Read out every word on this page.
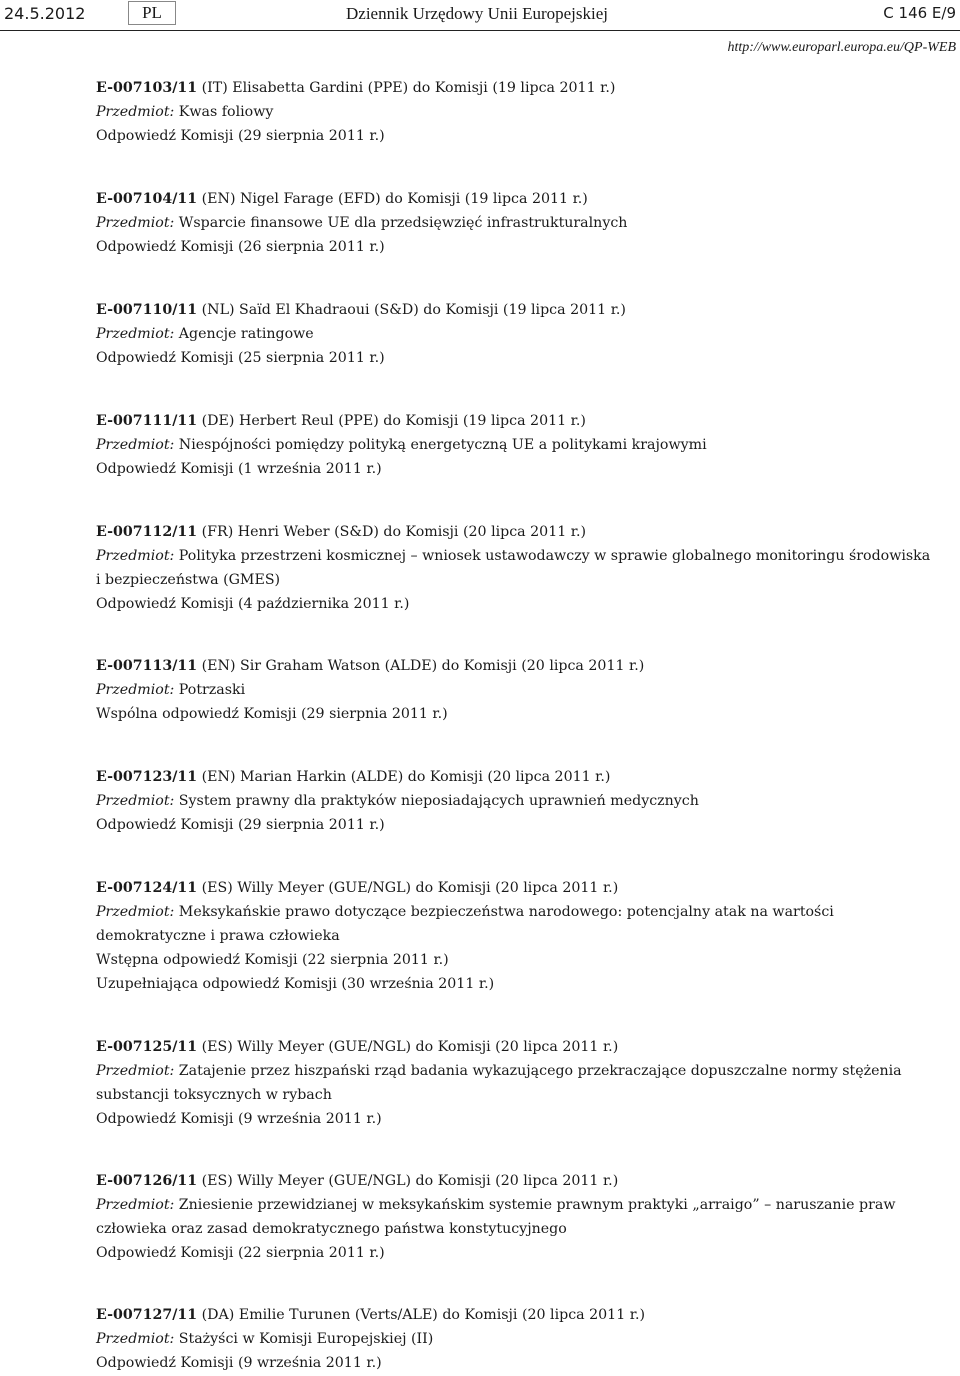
24.5.2012	PL	Dziennik Urzędowy Unii Europejskiej	C 146 E/9
http://www.europarl.europa.eu/QP-WEB
E-007103/11 (IT) Elisabetta Gardini (PPE) do Komisji (19 lipca 2011 r.)
Przedmiot: Kwas foliowy
Odpowiedź Komisji (29 sierpnia 2011 r.)
E-007104/11 (EN) Nigel Farage (EFD) do Komisji (19 lipca 2011 r.)
Przedmiot: Wsparcie finansowe UE dla przedsięwzięć infrastrukturalnych
Odpowiedź Komisji (26 sierpnia 2011 r.)
E-007110/11 (NL) Saïd El Khadraoui (S&D) do Komisji (19 lipca 2011 r.)
Przedmiot: Agencje ratingowe
Odpowiedź Komisji (25 sierpnia 2011 r.)
E-007111/11 (DE) Herbert Reul (PPE) do Komisji (19 lipca 2011 r.)
Przedmiot: Niespójności pomiędzy polityką energetyczną UE a politykami krajowymi
Odpowiedź Komisji (1 września 2011 r.)
E-007112/11 (FR) Henri Weber (S&D) do Komisji (20 lipca 2011 r.)
Przedmiot: Polityka przestrzeni kosmicznej – wniosek ustawodawczy w sprawie globalnego monitoringu środowiska i bezpieczeństwa (GMES)
Odpowiedź Komisji (4 października 2011 r.)
E-007113/11 (EN) Sir Graham Watson (ALDE) do Komisji (20 lipca 2011 r.)
Przedmiot: Potrzaski
Wspólna odpowiedź Komisji (29 sierpnia 2011 r.)
E-007123/11 (EN) Marian Harkin (ALDE) do Komisji (20 lipca 2011 r.)
Przedmiot: System prawny dla praktyków nieposiadających uprawnień medycznych
Odpowiedź Komisji (29 sierpnia 2011 r.)
E-007124/11 (ES) Willy Meyer (GUE/NGL) do Komisji (20 lipca 2011 r.)
Przedmiot: Meksykańskie prawo dotyczące bezpieczeństwa narodowego: potencjalny atak na wartości demokratyczne i prawa człowieka
Wstępna odpowiedź Komisji (22 sierpnia 2011 r.)
Uzupełniająca odpowiedź Komisji (30 września 2011 r.)
E-007125/11 (ES) Willy Meyer (GUE/NGL) do Komisji (20 lipca 2011 r.)
Przedmiot: Zatajenie przez hiszpański rząd badania wykazującego przekraczające dopuszczalne normy stężenia substancji toksycznych w rybach
Odpowiedź Komisji (9 września 2011 r.)
E-007126/11 (ES) Willy Meyer (GUE/NGL) do Komisji (20 lipca 2011 r.)
Przedmiot: Zniesienie przewidzianej w meksykańskim systemie prawnym praktyki „arraigo” – naruszanie praw człowieka oraz zasad demokratycznego państwa konstytucyjnego
Odpowiedź Komisji (22 sierpnia 2011 r.)
E-007127/11 (DA) Emilie Turunen (Verts/ALE) do Komisji (20 lipca 2011 r.)
Przedmiot: Stażyści w Komisji Europejskiej (II)
Odpowiedź Komisji (9 września 2011 r.)
